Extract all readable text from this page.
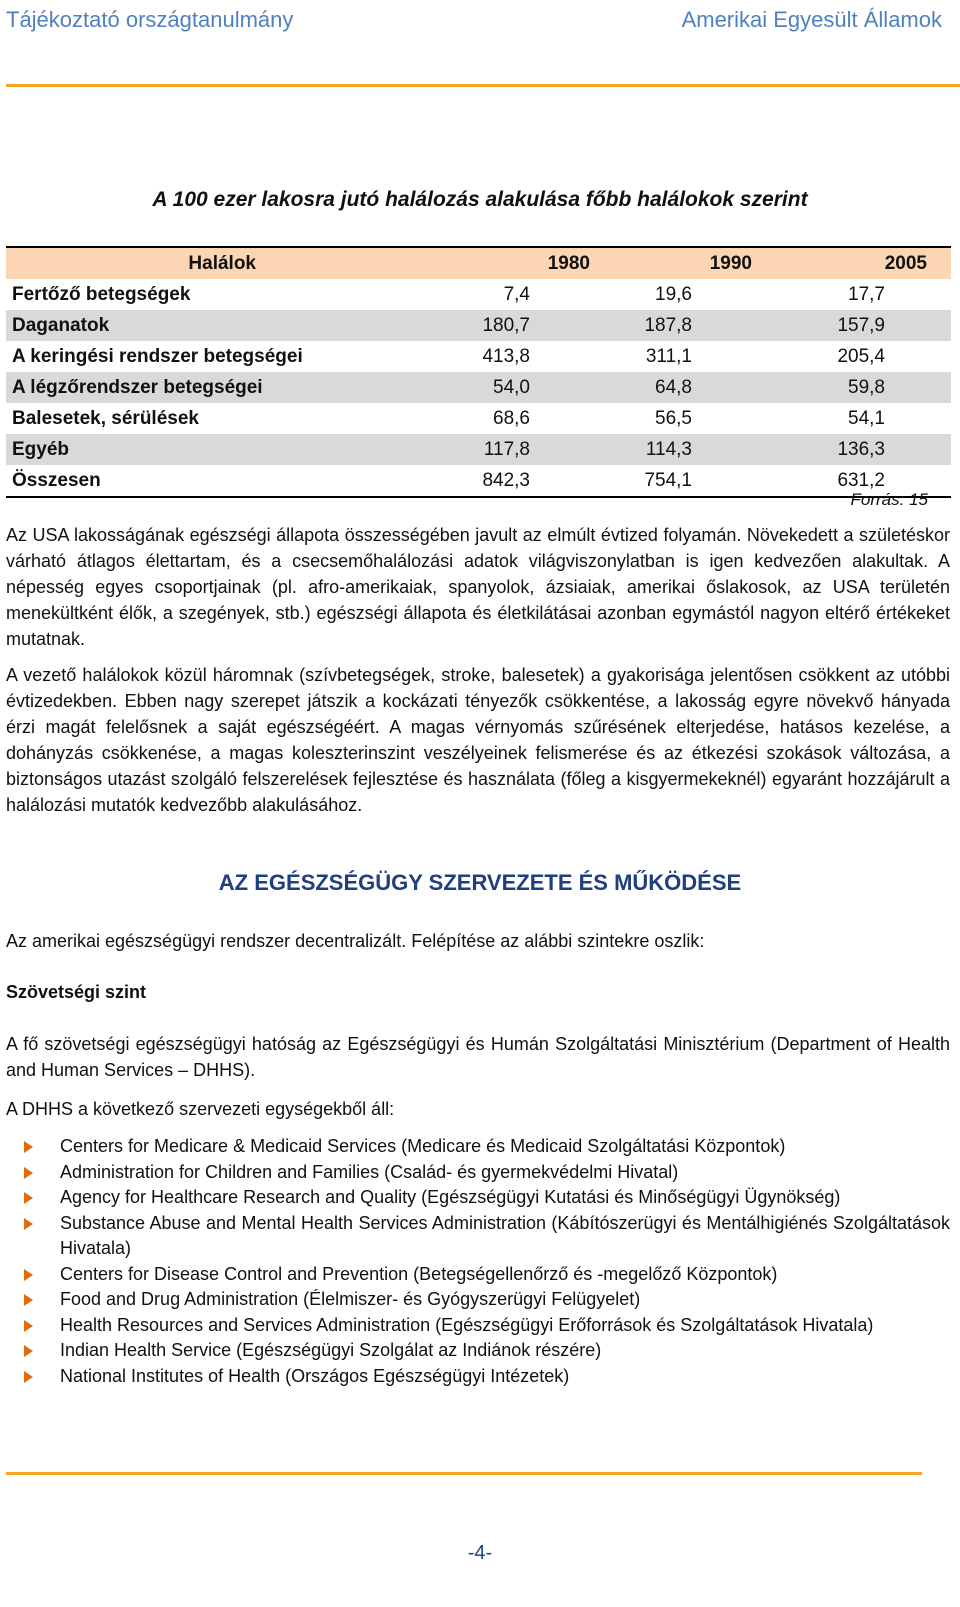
Tájékoztató országtanulmány	Amerikai Egyesült Államok
A 100 ezer lakosra jutó halálozás alakulása főbb halálokok szerint
Halálok	1980	1990	2005
Fertőző betegségek	7,4	19,6	17,7
Daganatok	180,7	187,8	157,9
A keringési rendszer betegségei	413,8	311,1	205,4
A légzőrendszer betegségei	54,0	64,8	59,8
Balesetek, sérülések	68,6	56,5	54,1
Egyéb	117,8	114,3	136,3
Összesen	842,3	754,1	631,2
Forrás: 15
Az USA lakosságának egészségi állapota összességében javult az elmúlt évtized folyamán. Növekedett a születéskor várható átlagos élettartam, és a csecsemőhalálozási adatok világviszonylatban is igen kedvezően alakultak. A népesség egyes csoportjainak (pl. afro-amerikaiak, spanyolok, ázsiaiak, amerikai őslakosok, az USA területén menekültként élők, a szegények, stb.) egészségi állapota és életkilátásai azonban egymástól nagyon eltérő értékeket mutatnak.
A vezető halálokok közül háromnak (szívbetegségek, stroke, balesetek) a gyakorisága jelentősen csökkent az utóbbi évtizedekben. Ebben nagy szerepet játszik a kockázati tényezők csökkentése, a lakosság egyre növekvő hányada érzi magát felelősnek a saját egészségéért. A magas vérnyomás szűrésének elterjedése, hatásos kezelése, a dohányzás csökkenése, a magas koleszterinszint veszélyeinek felismerése és az étkezési szokások változása, a biztonságos utazást szolgáló felszerelések fejlesztése és használata (főleg a kisgyermekeknél) egyaránt hozzájárult a halálozási mutatók kedvezőbb alakulásához.
AZ EGÉSZSÉGÜGY SZERVEZETE ÉS MŰKÖDÉSE
Az amerikai egészségügyi rendszer decentralizált. Felépítése az alábbi szintekre oszlik:
Szövetségi szint
A fő szövetségi egészségügyi hatóság az Egészségügyi és Humán Szolgáltatási Minisztérium (Department of Health and Human Services – DHHS).
A DHHS a következő szervezeti egységekből áll:
Centers for Medicare & Medicaid Services (Medicare és Medicaid Szolgáltatási Központok)
Administration for Children and Families (Család- és gyermekvédelmi Hivatal)
Agency for Healthcare Research and Quality (Egészségügyi Kutatási és Minőségügyi Ügynökség)
Substance Abuse and Mental Health Services Administration (Kábítószerügyi és Mentálhigiénés Szolgáltatások Hivatala)
Centers for Disease Control and Prevention (Betegségellenőrző és -megelőző Központok)
Food and Drug Administration (Élelmiszer- és Gyógyszerügyi Felügyelet)
Health Resources and Services Administration (Egészségügyi Erőforrások és Szolgáltatások Hivatala)
Indian Health Service (Egészségügyi Szolgálat az Indiánok részére)
National Institutes of Health (Országos Egészségügyi Intézetek)
-4-
